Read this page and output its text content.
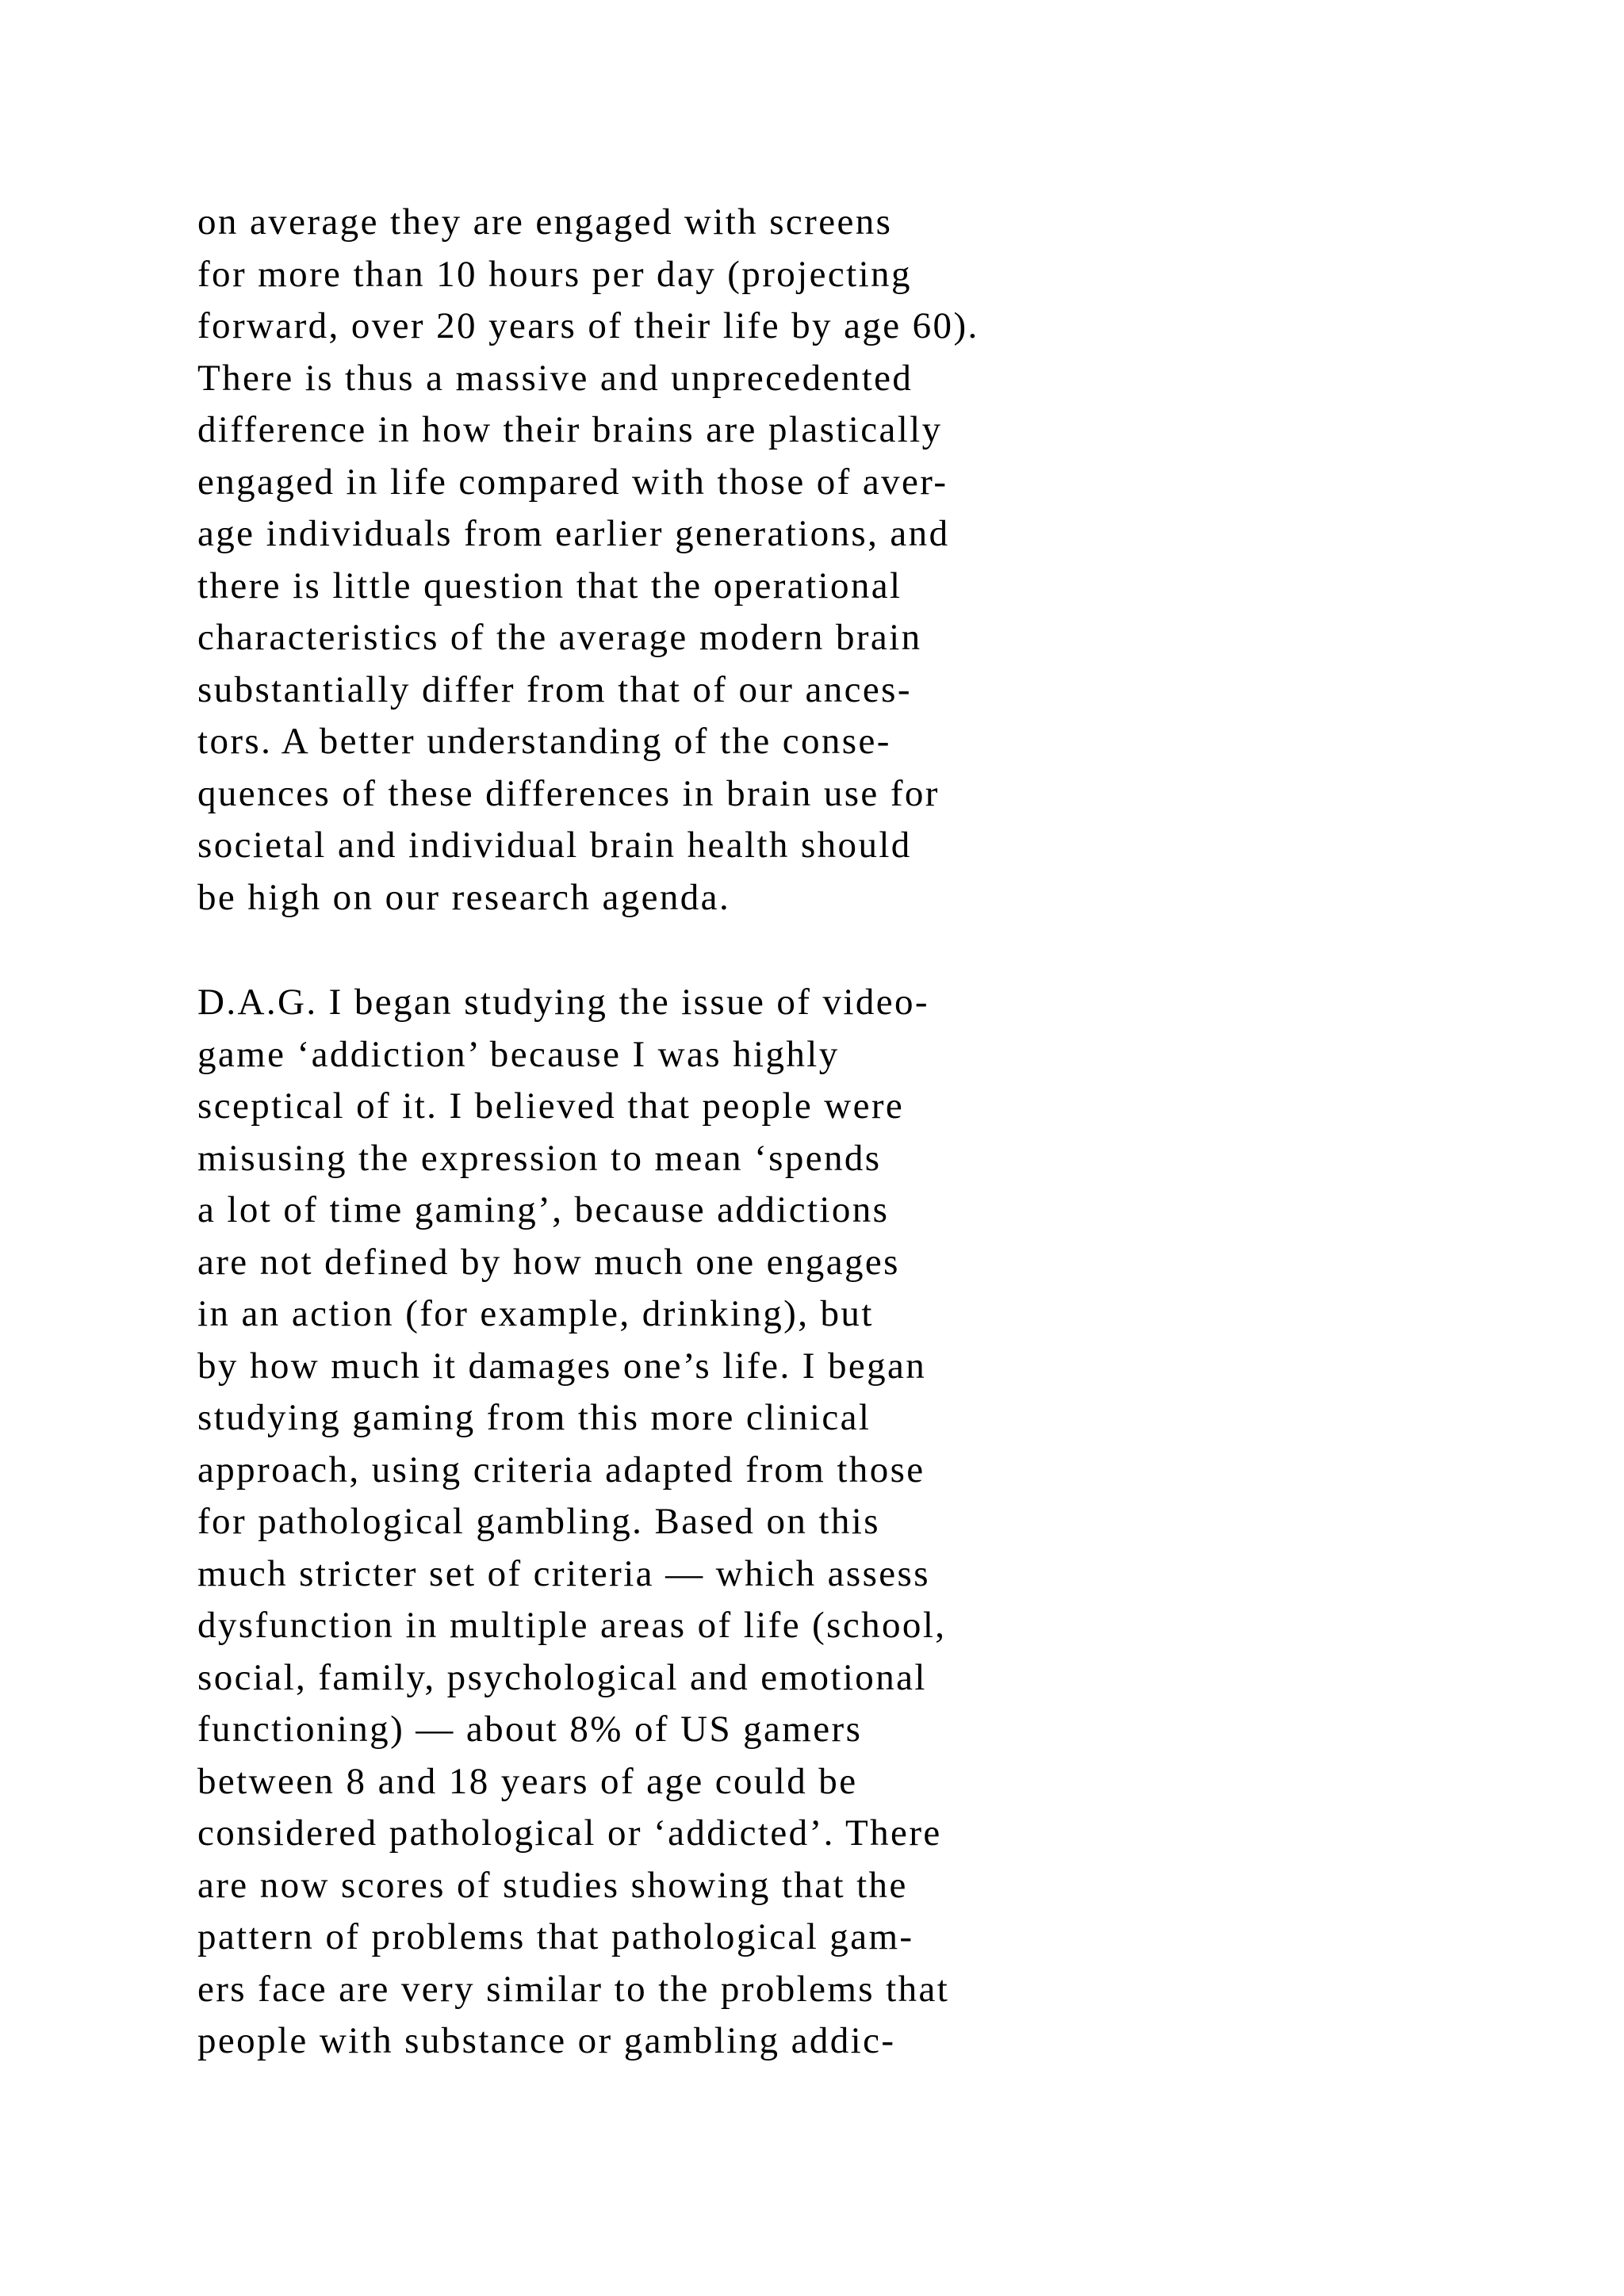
on average they are engaged with screens
for more than 10 hours per day (projecting
forward, over 20 years of their life by age 60).
There is thus a massive and unprecedented
difference in how their brains are plastically
engaged in life compared with those of aver-
age individuals from earlier generations, and
there is little question that the operational
characteristics of the average modern brain
substantially differ from that of our ances-
tors. A better understanding of the conse-
quences of these differences in brain use for
societal and individual brain health should
be high on our research agenda.
D.A.G. I began studying the issue of video-
game ‘addiction’ because I was highly
sceptical of it. I believed that people were
misusing the expression to mean ‘spends
a lot of time gaming’, because addictions
are not defined by how much one engages
in an action (for example, drinking), but
by how much it damages one’s life. I began
studying gaming from this more clinical
approach, using criteria adapted from those
for pathological gambling. Based on this
much stricter set of criteria — which assess
dysfunction in multiple areas of life (school,
social, family, psychological and emotional
functioning) — about 8% of US gamers
between 8 and 18 years of age could be
considered pathological or ‘addicted’. There
are now scores of studies showing that the
pattern of problems that pathological gam-
ers face are very similar to the problems that
people with substance or gambling addic-
